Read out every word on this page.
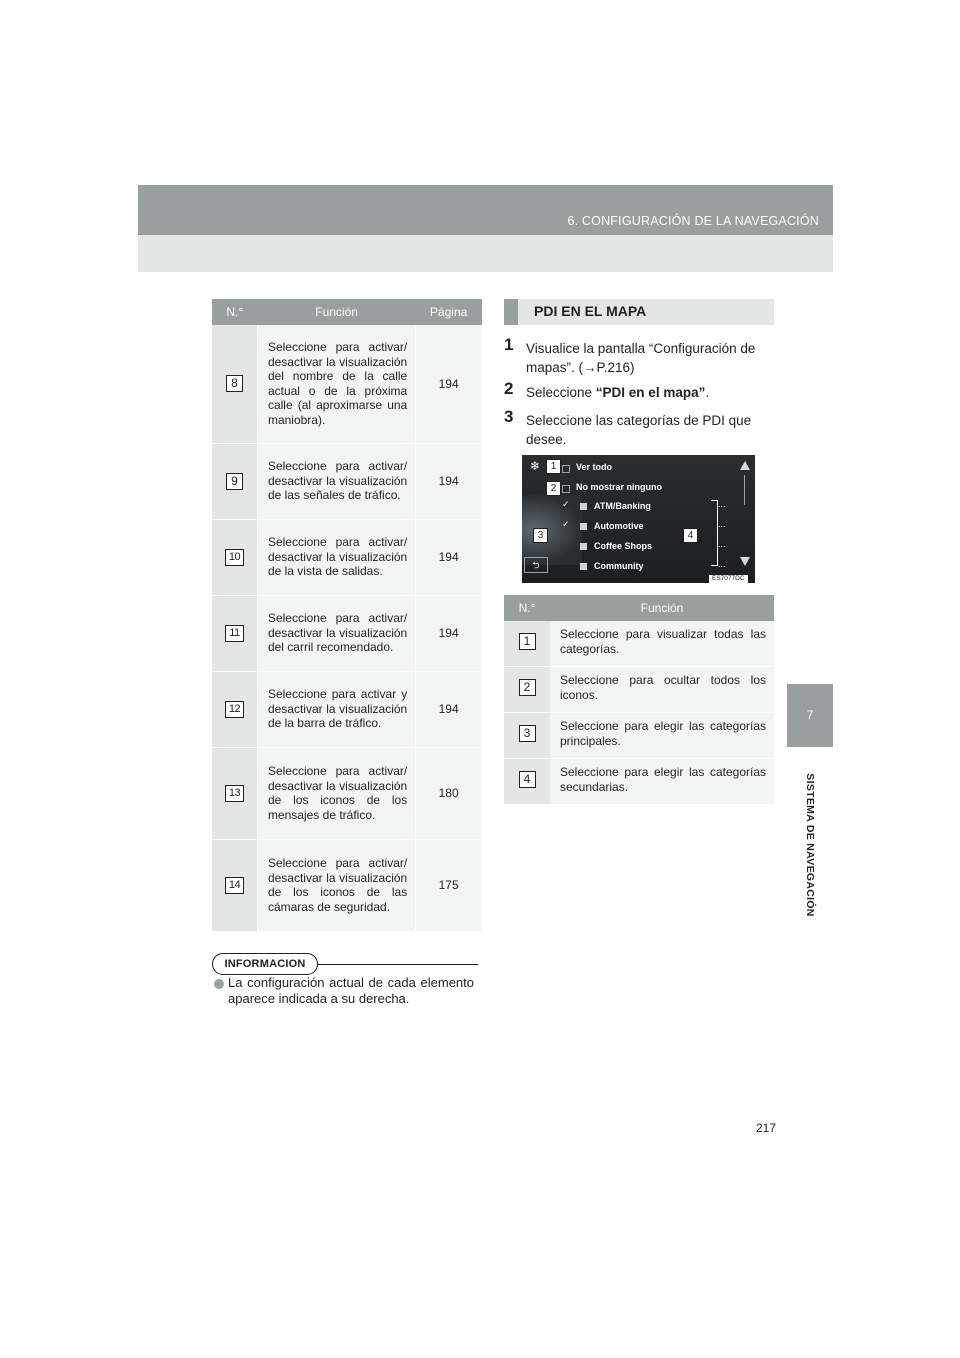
6. CONFIGURACIÓN DE LA NAVEGACIÓN
7
SISTEMA DE NAVEGACIÓN
N.°	Función	Página
8	Seleccione para activar/ desactivar la visualización del nombre de la calle actual o de la próxima calle (al aproximarse una maniobra).	194
9	Seleccione para activar/ desactivar la visualización de las señales de tráfico.	194
10	Seleccione para activar/ desactivar la visualización de la vista de salidas.	194
11	Seleccione para activar/ desactivar la visualización del carril recomendado.	194
12	Seleccione para activar y desactivar la visualización de la barra de tráfico.	194
13	Seleccione para activar/ desactivar la visualización de los iconos de los mensajes de tráfico.	180
14	Seleccione para activar/ desactivar la visualización de los iconos de las cámaras de seguridad.	175
INFORMACION
La configuración actual de cada elemento aparece indicada a su derecha.
PDI EN EL MAPA
1 Visualice la pantalla “Configuración de mapas”. (→P.216)
2 Seleccione “PDI en el mapa”.
3 Seleccione las categorías de PDI que desee.
❄	Ver todo
No mostrar ninguno
✓	ATM/Banking
✓	Automotive
Coffee Shops
Community
...
...
...
...
⮌
1
2
3	4
ES7077DC
N.°	Función
1	Seleccione para visualizar todas las categorías.
2	Seleccione para ocultar todos los iconos.
3	Seleccione para elegir las categorías principales.
4	Seleccione para elegir las categorías secundarias.
217
